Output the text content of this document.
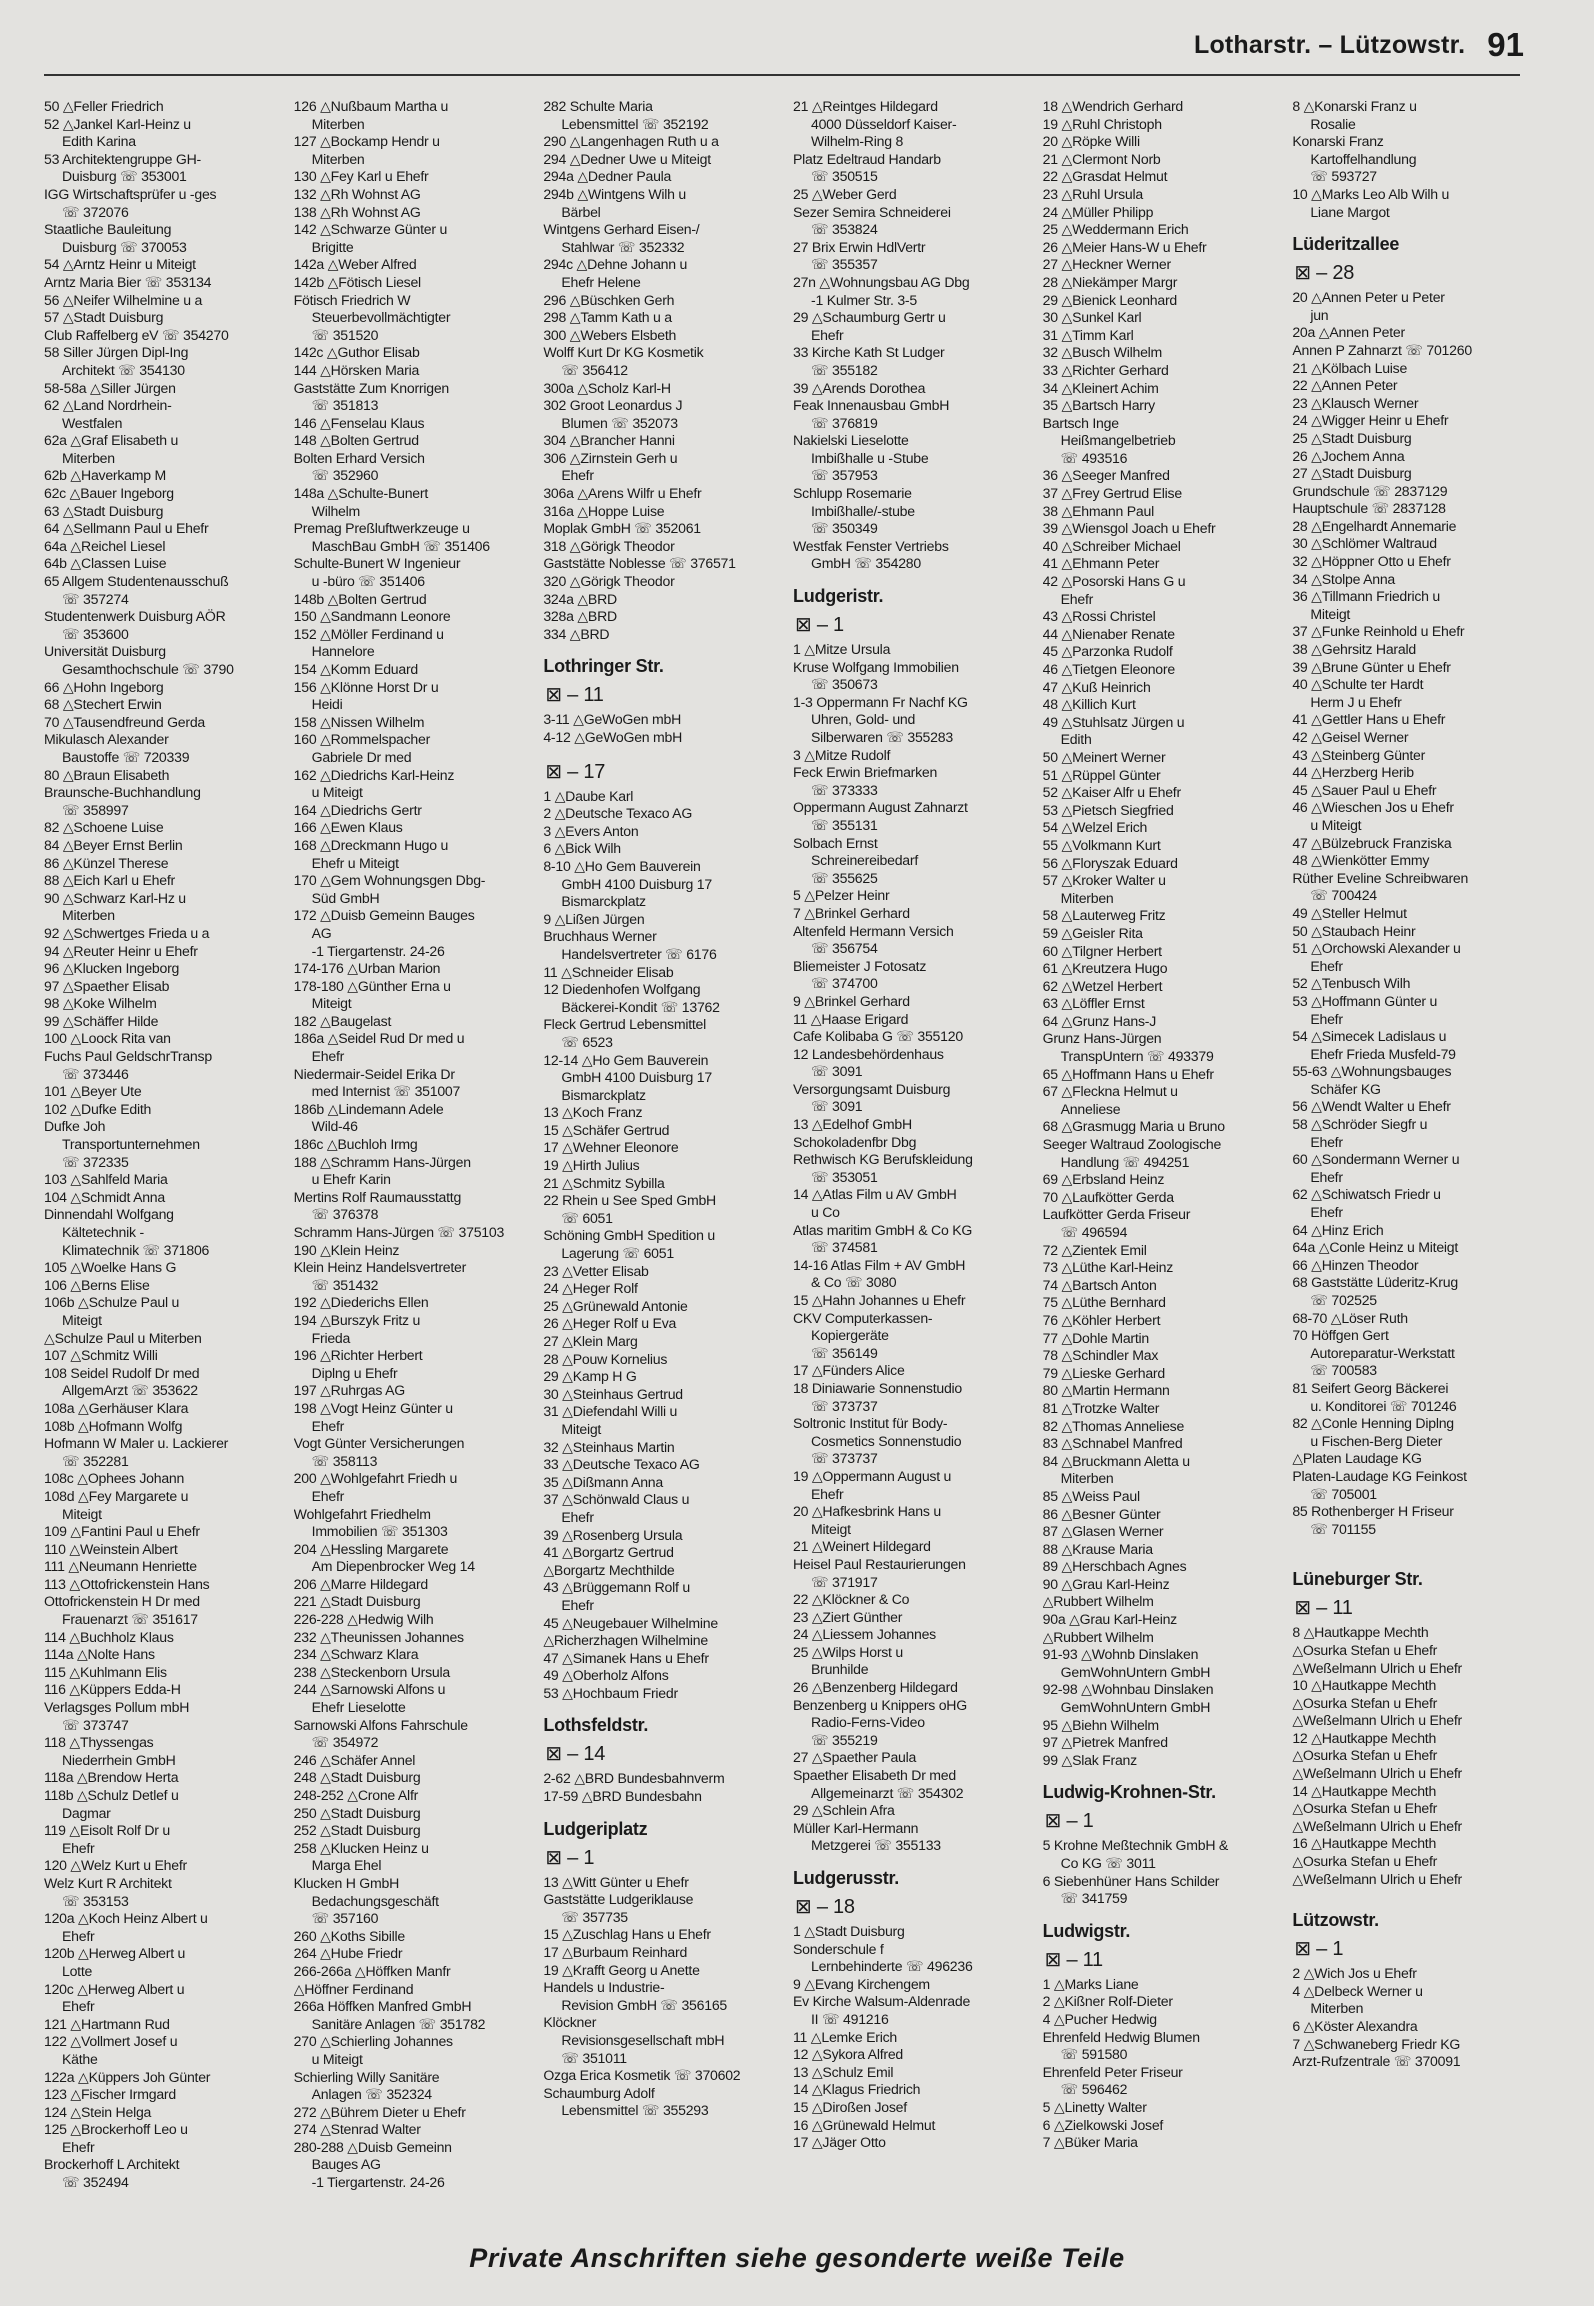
Lotharstr. – Lützowstr. 91
50 △Feller Friedrich
52 △Jankel Karl-Heinz u
Edith Karina
53 Architektengruppe GH-
Duisburg ☏ 353001
IGG Wirtschaftsprüfer u -ges
☏ 372076
Staatliche Bauleitung
Duisburg ☏ 370053
54 △Arntz Heinr u Miteigt
Arntz Maria Bier ☏ 353134
56 △Neifer Wilhelmine u a
57 △Stadt Duisburg
Club Raffelberg eV ☏ 354270
58 Siller Jürgen Dipl-Ing
Architekt ☏ 354130
58-58a △Siller Jürgen
62 △Land Nordrhein-
Westfalen
62a △Graf Elisabeth u
Miterben
62b △Haverkamp M
62c △Bauer Ingeborg
63 △Stadt Duisburg
64 △Sellmann Paul u Ehefr
64a △Reichel Liesel
64b △Classen Luise
65 Allgem Studentenausschuß
☏ 357274
Studentenwerk Duisburg AÖR
☏ 353600
Universität Duisburg
Gesamthochschule ☏ 3790
66 △Hohn Ingeborg
68 △Stechert Erwin
70 △Tausendfreund Gerda
Mikulasch Alexander
Baustoffe ☏ 720339
80 △Braun Elisabeth
Braunsche-Buchhandlung
☏ 358997
82 △Schoene Luise
84 △Beyer Ernst Berlin
86 △Künzel Therese
88 △Eich Karl u Ehefr
90 △Schwarz Karl-Hz u
Miterben
92 △Schwertges Frieda u a
94 △Reuter Heinr u Ehefr
96 △Klucken Ingeborg
97 △Spaether Elisab
98 △Koke Wilhelm
99 △Schäffer Hilde
100 △Loock Rita van
Fuchs Paul GeldschrTransp
☏ 373446
101 △Beyer Ute
102 △Dufke Edith
Dufke Joh
Transportunternehmen
☏ 372335
103 △Sahlfeld Maria
104 △Schmidt Anna
Dinnendahl Wolfgang
Kältetechnik -
Klimatechnik ☏ 371806
105 △Woelke Hans G
106 △Berns Elise
106b △Schulze Paul u
Miteigt
△Schulze Paul u Miterben
107 △Schmitz Willi
108 Seidel Rudolf Dr med
AllgemArzt ☏ 353622
108a △Gerhäuser Klara
108b △Hofmann Wolfg
Hofmann W Maler u. Lackierer
☏ 352281
108c △Ophees Johann
108d △Fey Margarete u
Miteigt
109 △Fantini Paul u Ehefr
110 △Weinstein Albert
111 △Neumann Henriette
113 △Ottofrickenstein Hans
Ottofrickenstein H Dr med
Frauenarzt ☏ 351617
114 △Buchholz Klaus
114a △Nolte Hans
115 △Kuhlmann Elis
116 △Küppers Edda-H
Verlagsges Pollum mbH
☏ 373747
118 △Thyssengas
Niederrhein GmbH
118a △Brendow Herta
118b △Schulz Detlef u
Dagmar
119 △Eisolt Rolf Dr u
Ehefr
120 △Welz Kurt u Ehefr
Welz Kurt R Architekt
☏ 353153
120a △Koch Heinz Albert u
Ehefr
120b △Herweg Albert u
Lotte
120c △Herweg Albert u
Ehefr
121 △Hartmann Rud
122 △Vollmert Josef u
Käthe
122a △Küppers Joh Günter
123 △Fischer Irmgard
124 △Stein Helga
125 △Brockerhoff Leo u
Ehefr
Brockerhoff L Architekt
☏ 352494
126 △Nußbaum Martha u
Miterben
127 △Bockamp Hendr u
Miterben
130 △Fey Karl u Ehefr
132 △Rh Wohnst AG
138 △Rh Wohnst AG
142 △Schwarze Günter u
Brigitte
142a △Weber Alfred
142b △Fötisch Liesel
Fötisch Friedrich W
Steuerbevollmächtigter
☏ 351520
142c △Guthor Elisab
144 △Hörsken Maria
Gaststätte Zum Knorrigen
☏ 351813
146 △Fenselau Klaus
148 △Bolten Gertrud
Bolten Erhard Versich
☏ 352960
148a △Schulte-Bunert
Wilhelm
Premag Preßluftwerkzeuge u
MaschBau GmbH ☏ 351406
Schulte-Bunert W Ingenieur
u -büro ☏ 351406
148b △Bolten Gertrud
150 △Sandmann Leonore
152 △Möller Ferdinand u
Hannelore
154 △Komm Eduard
156 △Klönne Horst Dr u
Heidi
158 △Nissen Wilhelm
160 △Rommelspacher
Gabriele Dr med
162 △Diedrichs Karl-Heinz
u Miteigt
164 △Diedrichs Gertr
166 △Ewen Klaus
168 △Dreckmann Hugo u
Ehefr u Miteigt
170 △Gem Wohnungsgen Dbg-
Süd GmbH
172 △Duisb Gemeinn Bauges
AG
-1 Tiergartenstr. 24-26
174-176 △Urban Marion
178-180 △Günther Erna u
Miteigt
182 △Baugelast
186a △Seidel Rud Dr med u
Ehefr
Niedermair-Seidel Erika Dr
med Internist ☏ 351007
186b △Lindemann Adele
Wild-46
186c △Buchloh Irmg
188 △Schramm Hans-Jürgen
u Ehefr Karin
Mertins Rolf Raumausstattg
☏ 376378
Schramm Hans-Jürgen ☏ 375103
190 △Klein Heinz
Klein Heinz Handelsvertreter
☏ 351432
192 △Diederichs Ellen
194 △Burszyk Fritz u
Frieda
196 △Richter Herbert
Diplng u Ehefr
197 △Ruhrgas AG
198 △Vogt Heinz Günter u
Ehefr
Vogt Günter Versicherungen
☏ 358113
200 △Wohlgefahrt Friedh u
Ehefr
Wohlgefahrt Friedhelm
Immobilien ☏ 351303
204 △Hessling Margarete
Am Diepenbrocker Weg 14
206 △Marre Hildegard
221 △Stadt Duisburg
226-228 △Hedwig Wilh
232 △Theunissen Johannes
234 △Schwarz Klara
238 △Steckenborn Ursula
244 △Sarnowski Alfons u
Ehefr Lieselotte
Sarnowski Alfons Fahrschule
☏ 354972
246 △Schäfer Annel
248 △Stadt Duisburg
248-252 △Crone Alfr
250 △Stadt Duisburg
252 △Stadt Duisburg
258 △Klucken Heinz u
Marga Ehel
Klucken H GmbH
Bedachungsgeschäft
☏ 357160
260 △Koths Sibille
264 △Hube Friedr
266-266a △Höffken Manfr
△Höffner Ferdinand
266a Höffken Manfred GmbH
Sanitäre Anlagen ☏ 351782
270 △Schierling Johannes
u Miteigt
Schierling Willy Sanitäre
Anlagen ☏ 352324
272 △Bührem Dieter u Ehefr
274 △Stenrad Walter
280-288 △Duisb Gemeinn
Bauges AG
-1 Tiergartenstr. 24-26
282 Schulte Maria
Lebensmittel ☏ 352192
290 △Langenhagen Ruth u a
294 △Dedner Uwe u Miteigt
294a △Dedner Paula
294b △Wintgens Wilh u
Bärbel
Wintgens Gerhard Eisen-/
Stahlwar ☏ 352332
294c △Dehne Johann u
Ehefr Helene
296 △Büschken Gerh
298 △Tamm Kath u a
300 △Webers Elsbeth
Wolff Kurt Dr KG Kosmetik
☏ 356412
300a △Scholz Karl-H
302 Groot Leonardus J
Blumen ☏ 352073
304 △Brancher Hanni
306 △Zirnstein Gerh u
Ehefr
306a △Arens Wilfr u Ehefr
316a △Hoppe Luise
Moplak GmbH ☏ 352061
318 △Görigk Theodor
Gaststätte Noblesse ☏ 376571
320 △Görigk Theodor
324a △BRD
328a △BRD
334 △BRD
Lothringer Str.
⊠ – 11
3-11 △GeWoGen mbH
4-12 △GeWoGen mbH
⊠ – 17
1 △Daube Karl
2 △Deutsche Texaco AG
3 △Evers Anton
6 △Bick Wilh
8-10 △Ho Gem Bauverein
GmbH 4100 Duisburg 17
Bismarckplatz
9 △Lißen Jürgen
Bruchhaus Werner
Handelsvertreter ☏ 6176
11 △Schneider Elisab
12 Diedenhofen Wolfgang
Bäckerei-Kondit ☏ 13762
Fleck Gertrud Lebensmittel
☏ 6523
12-14 △Ho Gem Bauverein
GmbH 4100 Duisburg 17
Bismarckplatz
13 △Koch Franz
15 △Schäfer Gertrud
17 △Wehner Eleonore
19 △Hirth Julius
21 △Schmitz Sybilla
22 Rhein u See Sped GmbH
☏ 6051
Schöning GmbH Spedition u
Lagerung ☏ 6051
23 △Vetter Elisab
24 △Heger Rolf
25 △Grünewald Antonie
26 △Heger Rolf u Eva
27 △Klein Marg
28 △Pouw Kornelius
29 △Kamp H G
30 △Steinhaus Gertrud
31 △Diefendahl Willi u
Miteigt
32 △Steinhaus Martin
33 △Deutsche Texaco AG
35 △Dißmann Anna
37 △Schönwald Claus u
Ehefr
39 △Rosenberg Ursula
41 △Borgartz Gertrud
△Borgartz Mechthilde
43 △Brüggemann Rolf u
Ehefr
45 △Neugebauer Wilhelmine
△Richerzhagen Wilhelmine
47 △Simanek Hans u Ehefr
49 △Oberholz Alfons
53 △Hochbaum Friedr
Lothsfeldstr.
⊠ – 14
2-62 △BRD Bundesbahnverm
17-59 △BRD Bundesbahn
Ludgeriplatz
⊠ – 1
13 △Witt Günter u Ehefr
Gaststätte Ludgeriklause
☏ 357735
15 △Zuschlag Hans u Ehefr
17 △Burbaum Reinhard
19 △Krafft Georg u Anette
Handels u Industrie-
Revision GmbH ☏ 356165
Klöckner
Revisionsgesellschaft mbH
☏ 351011
Ozga Erica Kosmetik ☏ 370602
Schaumburg Adolf
Lebensmittel ☏ 355293
21 △Reintges Hildegard
4000 Düsseldorf Kaiser-
Wilhelm-Ring 8
Platz Edeltraud Handarb
☏ 350515
25 △Weber Gerd
Sezer Semira Schneiderei
☏ 353824
27 Brix Erwin HdlVertr
☏ 355357
27n △Wohnungsbau AG Dbg
-1 Kulmer Str. 3-5
29 △Schaumburg Gertr u
Ehefr
33 Kirche Kath St Ludger
☏ 355182
39 △Arends Dorothea
Feak Innenausbau GmbH
☏ 376819
Nakielski Lieselotte
Imbißhalle u -Stube
☏ 357953
Schlupp Rosemarie
Imbißhalle/-stube
☏ 350349
Westfak Fenster Vertriebs
GmbH ☏ 354280
Ludgeristr.
⊠ – 1
1 △Mitze Ursula
Kruse Wolfgang Immobilien
☏ 350673
1-3 Oppermann Fr Nachf KG
Uhren, Gold- und
Silberwaren ☏ 355283
3 △Mitze Rudolf
Feck Erwin Briefmarken
☏ 373333
Oppermann August Zahnarzt
☏ 355131
Solbach Ernst
Schreinereibedarf
☏ 355625
5 △Pelzer Heinr
7 △Brinkel Gerhard
Altenfeld Hermann Versich
☏ 356754
Bliemeister J Fotosatz
☏ 374700
9 △Brinkel Gerhard
11 △Haase Erigard
Cafe Kolibaba G ☏ 355120
12 Landesbehördenhaus
☏ 3091
Versorgungsamt Duisburg
☏ 3091
13 △Edelhof GmbH
Schokoladenfbr Dbg
Rethwisch KG Berufskleidung
☏ 353051
14 △Atlas Film u AV GmbH
u Co
Atlas maritim GmbH & Co KG
☏ 374581
14-16 Atlas Film + AV GmbH
& Co ☏ 3080
15 △Hahn Johannes u Ehefr
CKV Computerkassen-
Kopiergeräte
☏ 356149
17 △Fünders Alice
18 Diniawarie Sonnenstudio
☏ 373737
Soltronic Institut für Body-
Cosmetics Sonnenstudio
☏ 373737
19 △Oppermann August u
Ehefr
20 △Hafkesbrink Hans u
Miteigt
21 △Weinert Hildegard
Heisel Paul Restaurierungen
☏ 371917
22 △Klöckner & Co
23 △Ziert Günther
24 △Liessem Johannes
25 △Wilps Horst u
Brunhilde
26 △Benzenberg Hildegard
Benzenberg u Knippers oHG
Radio-Ferns-Video
☏ 355219
27 △Spaether Paula
Spaether Elisabeth Dr med
Allgemeinarzt ☏ 354302
29 △Schlein Afra
Müller Karl-Hermann
Metzgerei ☏ 355133
Ludgerusstr.
⊠ – 18
1 △Stadt Duisburg
Sonderschule f
Lernbehinderte ☏ 496236
9 △Evang Kirchengem
Ev Kirche Walsum-Aldenrade
II ☏ 491216
11 △Lemke Erich
12 △Sykora Alfred
13 △Schulz Emil
14 △Klagus Friedrich
15 △Diroßen Josef
16 △Grünewald Helmut
17 △Jäger Otto
18 △Wendrich Gerhard
19 △Ruhl Christoph
20 △Röpke Willi
21 △Clermont Norb
22 △Grasdat Helmut
23 △Ruhl Ursula
24 △Müller Philipp
25 △Weddermann Erich
26 △Meier Hans-W u Ehefr
27 △Heckner Werner
28 △Niekämper Margr
29 △Bienick Leonhard
30 △Sunkel Karl
31 △Timm Karl
32 △Busch Wilhelm
33 △Richter Gerhard
34 △Kleinert Achim
35 △Bartsch Harry
Bartsch Inge
Heißmangelbetrieb
☏ 493516
36 △Seeger Manfred
37 △Frey Gertrud Elise
38 △Ehmann Paul
39 △Wiensgol Joach u Ehefr
40 △Schreiber Michael
41 △Ehmann Peter
42 △Posorski Hans G u
Ehefr
43 △Rossi Christel
44 △Nienaber Renate
45 △Parzonka Rudolf
46 △Tietgen Eleonore
47 △Kuß Heinrich
48 △Killich Kurt
49 △Stuhlsatz Jürgen u
Edith
50 △Meinert Werner
51 △Rüppel Günter
52 △Kaiser Alfr u Ehefr
53 △Pietsch Siegfried
54 △Welzel Erich
55 △Volkmann Kurt
56 △Floryszak Eduard
57 △Kroker Walter u
Miterben
58 △Lauterweg Fritz
59 △Geisler Rita
60 △Tilgner Herbert
61 △Kreutzera Hugo
62 △Wetzel Herbert
63 △Löffler Ernst
64 △Grunz Hans-J
Grunz Hans-Jürgen
TranspUntern ☏ 493379
65 △Hoffmann Hans u Ehefr
67 △Fleckna Helmut u
Anneliese
68 △Grasmugg Maria u Bruno
Seeger Waltraud Zoologische
Handlung ☏ 494251
69 △Erbsland Heinz
70 △Laufkötter Gerda
Laufkötter Gerda Friseur
☏ 496594
72 △Zientek Emil
73 △Lüthe Karl-Heinz
74 △Bartsch Anton
75 △Lüthe Bernhard
76 △Köhler Herbert
77 △Dohle Martin
78 △Schindler Max
79 △Lieske Gerhard
80 △Martin Hermann
81 △Trotzke Walter
82 △Thomas Anneliese
83 △Schnabel Manfred
84 △Bruckmann Aletta u
Miterben
85 △Weiss Paul
86 △Besner Günter
87 △Glasen Werner
88 △Krause Maria
89 △Herschbach Agnes
90 △Grau Karl-Heinz
△Rubbert Wilhelm
90a △Grau Karl-Heinz
△Rubbert Wilhelm
91-93 △Wohnb Dinslaken
GemWohnUntern GmbH
92-98 △Wohnbau Dinslaken
GemWohnUntern GmbH
95 △Biehn Wilhelm
97 △Pietrek Manfred
99 △Slak Franz
Ludwig-Krohnen-Str.
⊠ – 1
5 Krohne Meßtechnik GmbH &
Co KG ☏ 3011
6 Siebenhüner Hans Schilder
☏ 341759
Ludwigstr.
⊠ – 11
1 △Marks Liane
2 △Kißner Rolf-Dieter
4 △Pucher Hedwig
Ehrenfeld Hedwig Blumen
☏ 591580
Ehrenfeld Peter Friseur
☏ 596462
5 △Linetty Walter
6 △Zielkowski Josef
7 △Büker Maria
8 △Konarski Franz u
Rosalie
Konarski Franz
Kartoffelhandlung
☏ 593727
10 △Marks Leo Alb Wilh u
Liane Margot
Lüderitzallee
⊠ – 28
20 △Annen Peter u Peter
jun
20a △Annen Peter
Annen P Zahnarzt ☏ 701260
21 △Kölbach Luise
22 △Annen Peter
23 △Klausch Werner
24 △Wigger Heinr u Ehefr
25 △Stadt Duisburg
26 △Jochem Anna
27 △Stadt Duisburg
Grundschule ☏ 2837129
Hauptschule ☏ 2837128
28 △Engelhardt Annemarie
30 △Schlömer Waltraud
32 △Höppner Otto u Ehefr
34 △Stolpe Anna
36 △Tillmann Friedrich u
Miteigt
37 △Funke Reinhold u Ehefr
38 △Gehrsitz Harald
39 △Brune Günter u Ehefr
40 △Schulte ter Hardt
Herm J u Ehefr
41 △Gettler Hans u Ehefr
42 △Geisel Werner
43 △Steinberg Günter
44 △Herzberg Herib
45 △Sauer Paul u Ehefr
46 △Wieschen Jos u Ehefr
u Miteigt
47 △Bülzebruck Franziska
48 △Wienkötter Emmy
Rüther Eveline Schreibwaren
☏ 700424
49 △Steller Helmut
50 △Staubach Heinr
51 △Orchowski Alexander u
Ehefr
52 △Tenbusch Wilh
53 △Hoffmann Günter u
Ehefr
54 △Simecek Ladislaus u
Ehefr Frieda Musfeld-79
55-63 △Wohnungsbauges
Schäfer KG
56 △Wendt Walter u Ehefr
58 △Schröder Siegfr u
Ehefr
60 △Sondermann Werner u
Ehefr
62 △Schiwatsch Friedr u
Ehefr
64 △Hinz Erich
64a △Conle Heinz u Miteigt
66 △Hinzen Theodor
68 Gaststätte Lüderitz-Krug
☏ 702525
68-70 △Löser Ruth
70 Höffgen Gert
Autoreparatur-Werkstatt
☏ 700583
81 Seifert Georg Bäckerei
u. Konditorei ☏ 701246
82 △Conle Henning Diplng
u Fischen-Berg Dieter
△Platen Laudage KG
Platen-Laudage KG Feinkost
☏ 705001
85 Rothenberger H Friseur
☏ 701155
Lüneburger Str.
⊠ – 11
8 △Hautkappe Mechth
△Osurka Stefan u Ehefr
△Weßelmann Ulrich u Ehefr
10 △Hautkappe Mechth
△Osurka Stefan u Ehefr
△Weßelmann Ulrich u Ehefr
12 △Hautkappe Mechth
△Osurka Stefan u Ehefr
△Weßelmann Ulrich u Ehefr
14 △Hautkappe Mechth
△Osurka Stefan u Ehefr
△Weßelmann Ulrich u Ehefr
16 △Hautkappe Mechth
△Osurka Stefan u Ehefr
△Weßelmann Ulrich u Ehefr
Lützowstr.
⊠ – 1
2 △Wich Jos u Ehefr
4 △Delbeck Werner u
Miterben
6 △Köster Alexandra
7 △Schwaneberg Friedr KG
Arzt-Rufzentrale ☏ 370091
Private Anschriften siehe gesonderte weiße Teile
